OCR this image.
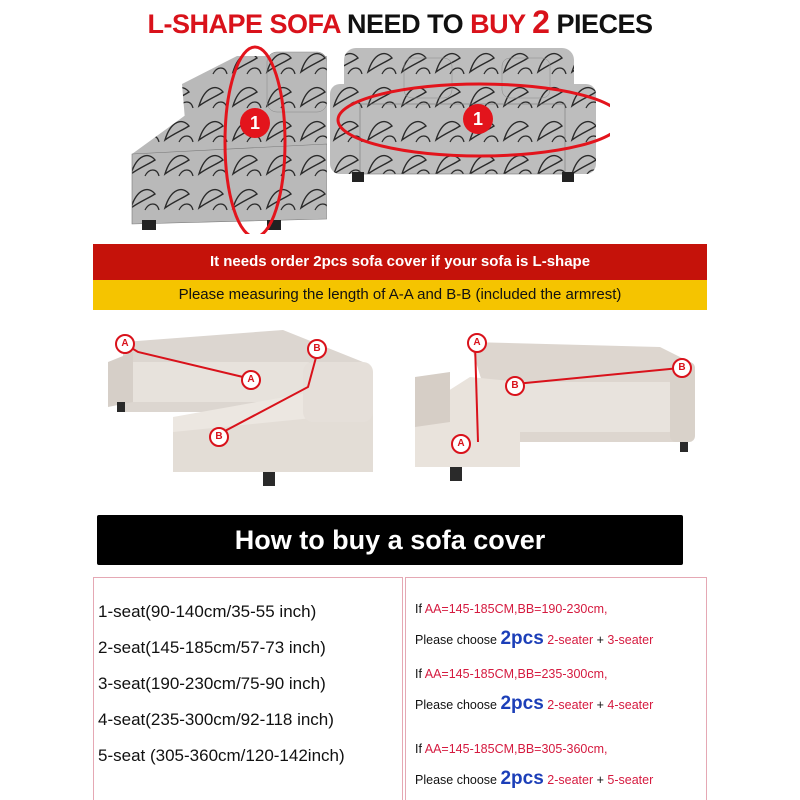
L-SHAPE SOFA NEED TO BUY 2 PIECES
1	1
It needs order 2pcs sofa cover if your sofa is L-shape
Please measuring the length of A-A and B-B (included the armrest)
A
A
B
B
A
A
B
B
How to buy a sofa cover
1-seat(90-140cm/35-55 inch)
2-seat(145-185cm/57-73 inch)
3-seat(190-230cm/75-90 inch)
4-seat(235-300cm/92-118 inch)
5-seat (305-360cm/120-142inch)
If AA=145-185CM,BB=190-230cm,
Please choose 2pcs 2-seater + 3-seater
If AA=145-185CM,BB=235-300cm,
Please choose 2pcs 2-seater + 4-seater
If AA=145-185CM,BB=305-360cm,
Please choose 2pcs 2-seater + 5-seater
